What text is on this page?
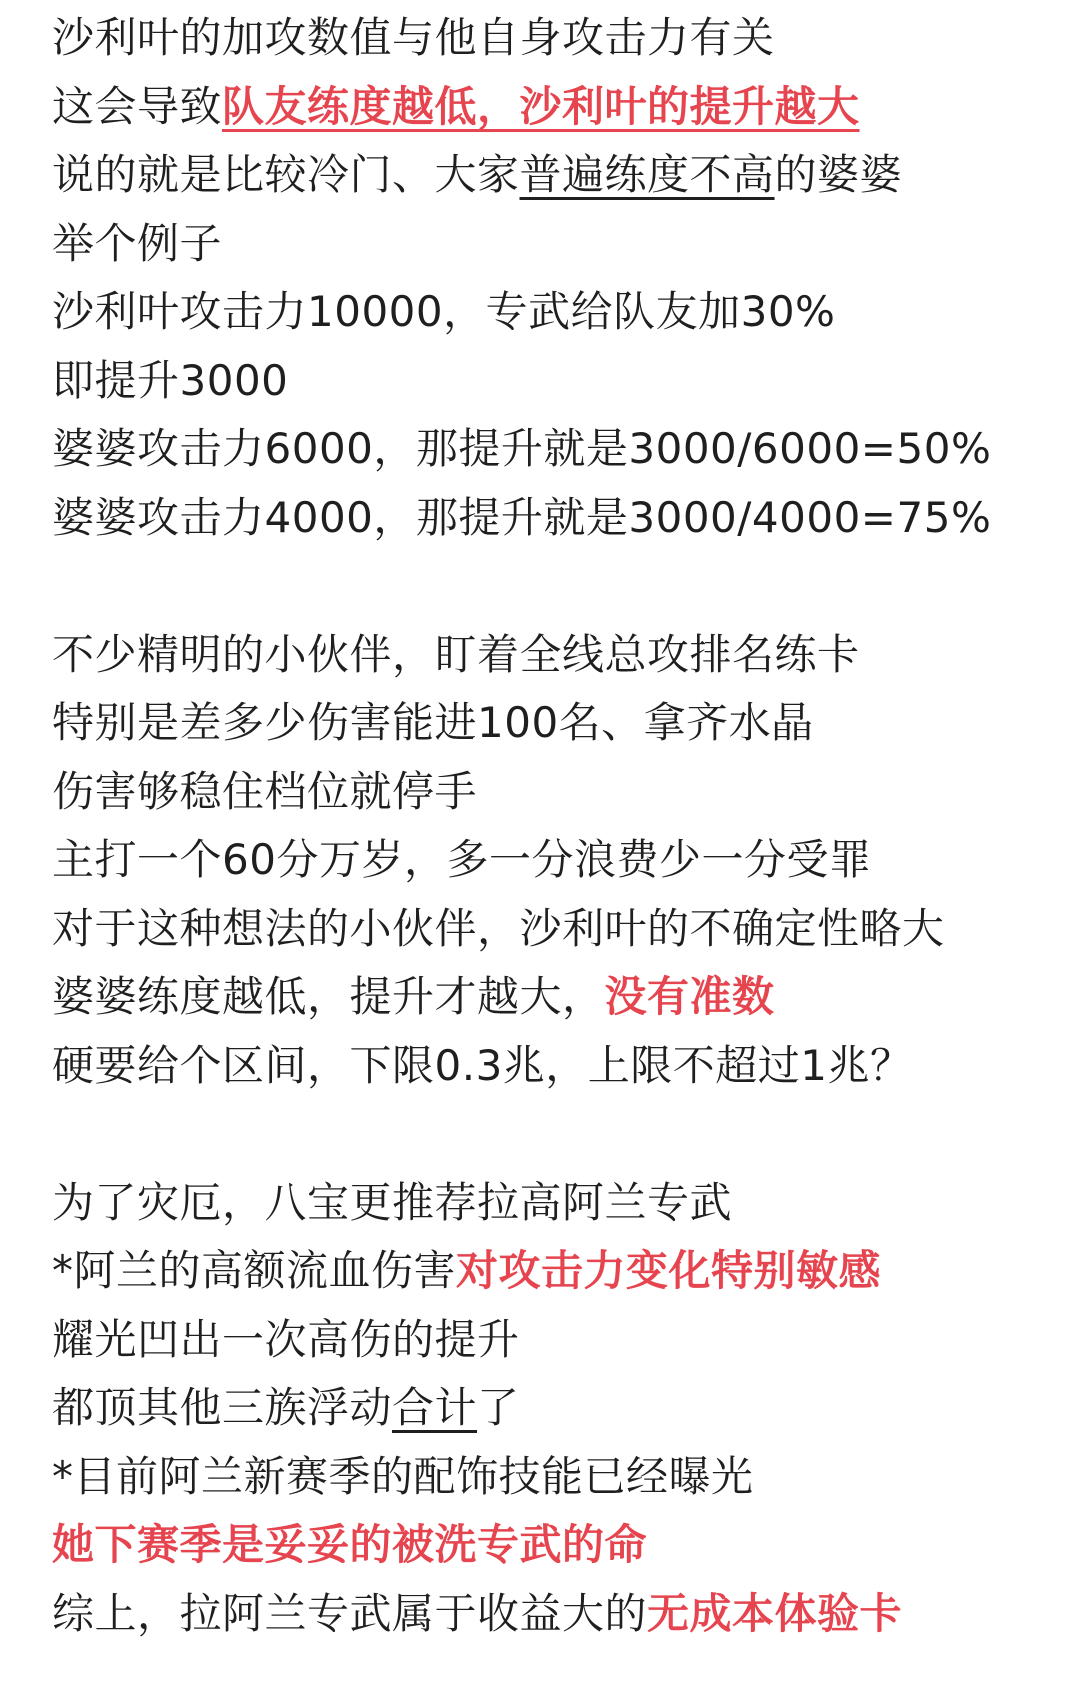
沙利叶的加攻数值与他自身攻击力有关
这会导致队友练度越低，沙利叶的提升越大
说的就是比较冷门、大家普遍练度不高的婆婆
举个例子
沙利叶攻击力10000，专武给队友加30%
即提升3000
婆婆攻击力6000，那提升就是3000/6000=50%
婆婆攻击力4000，那提升就是3000/4000=75%
不少精明的小伙伴，盯着全线总攻排名练卡
特别是差多少伤害能进100名、拿齐水晶
伤害够稳住档位就停手
主打一个60分万岁，多一分浪费少一分受罪
对于这种想法的小伙伴，沙利叶的不确定性略大
婆婆练度越低，提升才越大，没有准数
硬要给个区间，下限0.3兆，上限不超过1兆？
为了灾厄，八宝更推荐拉高阿兰专武
*阿兰的高额流血伤害对攻击力变化特别敏感
耀光凹出一次高伤的提升
都顶其他三族浮动合计了
*目前阿兰新赛季的配饰技能已经曝光
她下赛季是妥妥的被洗专武的命
综上，拉阿兰专武属于收益大的无成本体验卡
